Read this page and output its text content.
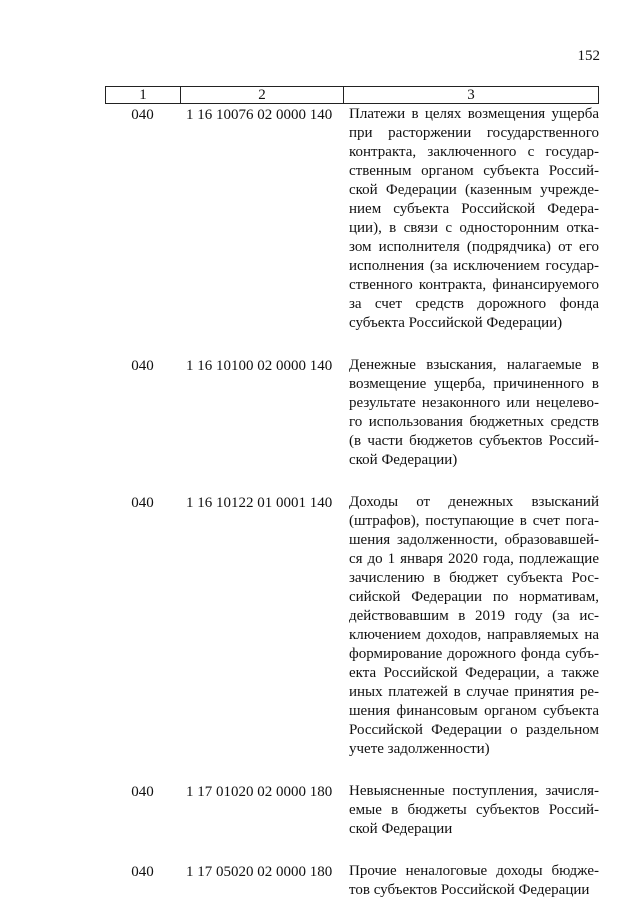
152
1	2	3
040	1 16 10076 02 0000 140	Платежи в целях возмещения ущерба
при расторжении государственного
контракта, заключенного с государ-
ственным органом субъекта Россий-
ской Федерации (казенным учрежде-
нием субъекта Российской Федера-
ции), в связи с односторонним отка-
зом исполнителя (подрядчика) от его
исполнения (за исключением государ-
ственного контракта, финансируемого
за счет средств дорожного фонда
субъекта Российской Федерации)
040	1 16 10100 02 0000 140	Денежные взыскания, налагаемые в
возмещение ущерба, причиненного в
результате незаконного или нецелево-
го использования бюджетных средств
(в части бюджетов субъектов Россий-
ской Федерации)
040	1 16 10122 01 0001 140	Доходы от денежных взысканий
(штрафов), поступающие в счет пога-
шения задолженности, образовавшей-
ся до 1 января 2020 года, подлежащие
зачислению в бюджет субъекта Рос-
сийской Федерации по нормативам,
действовавшим в 2019 году (за ис-
ключением доходов, направляемых на
формирование дорожного фонда субъ-
екта Российской Федерации, а также
иных платежей в случае принятия ре-
шения финансовым органом субъекта
Российской Федерации о раздельном
учете задолженности)
040	1 17 01020 02 0000 180	Невыясненные поступления, зачисля-
емые в бюджеты субъектов Россий-
ской Федерации
040	1 17 05020 02 0000 180	Прочие неналоговые доходы бюдже-
тов субъектов Российской Федерации
